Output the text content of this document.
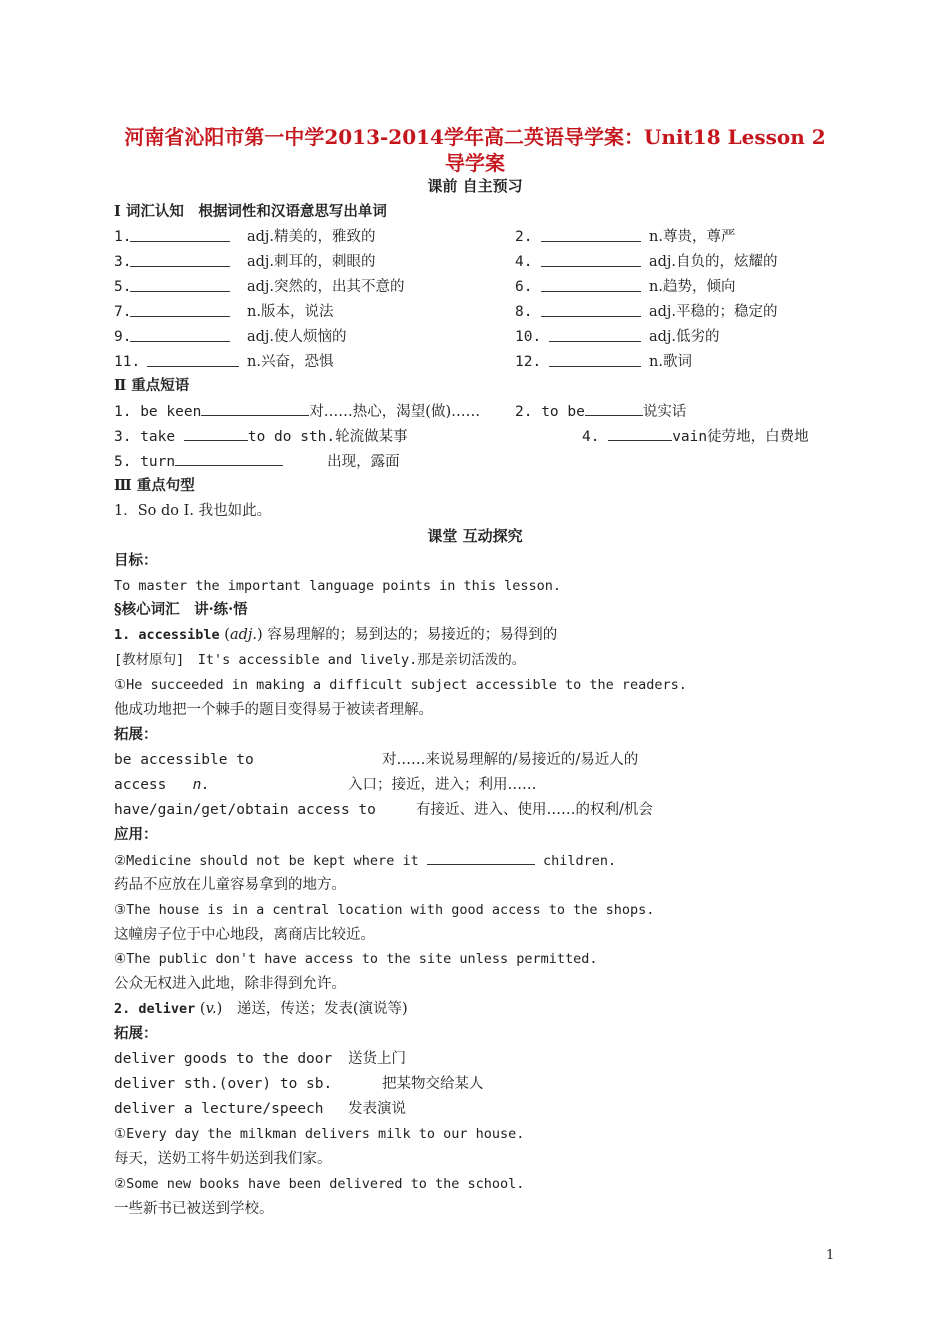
河南省沁阳市第一中学2013-2014学年高二英语导学案：Unit18 Lesson 2
导学案
课前 自主预习
Ⅰ 词汇认知　根据词性和汉语意思写出单词
1.	adj.精美的，雅致的	2.	n.尊贵，尊严
3.	adj.刺耳的，刺眼的	4.	adj.自负的，炫耀的
5.	adj.突然的，出其不意的	6.	n.趋势，倾向
7.	n.版本，说法	8.	adj.平稳的；稳定的
9.	adj.使人烦恼的	10.	adj.低劣的
11.	n.兴奋，恐惧	12.	n.歌词
Ⅱ 重点短语
1. be keen	对……热心，渴望(做)…… 2. to be	说实话
3. take	to do sth.轮流做某事	4.	vain徒劳地，白费地
5. turn	出现，露面
Ⅲ 重点句型
1．So do I. 我也如此。
课堂 互动探究
目标：
To master the important language points in this lesson.
§核心词汇　讲·练·悟
1. accessible (adj.) 容易理解的；易到达的；易接近的；易得到的
[教材原句]　It's accessible and lively.那是亲切活泼的。
①He succeeded in making a difficult subject accessible to the readers.
他成功地把一个棘手的题目变得易于被读者理解。
拓展：
be accessible to	对……来说易理解的/易接近的/易近人的
access n.	入口；接近，进入；利用……
have/gain/get/obtain access to	有接近、进入、使用……的权利/机会
应用：
②Medicine should not be kept where it	children.
药品不应放在儿童容易拿到的地方。
③The house is in a central location with good access to the shops.
这幢房子位于中心地段，离商店比较近。
④The public don't have access to the site unless permitted.
公众无权进入此地，除非得到允许。
2. deliver (v.)　递送，传送；发表(演说等)
拓展：
deliver goods to the door 送货上门
deliver sth.(over) to sb.	把某物交给某人
deliver a lecture/speech 发表演说
①Every day the milkman delivers milk to our house.
每天，送奶工将牛奶送到我们家。
②Some new books have been delivered to the school.
一些新书已被送到学校。
1
